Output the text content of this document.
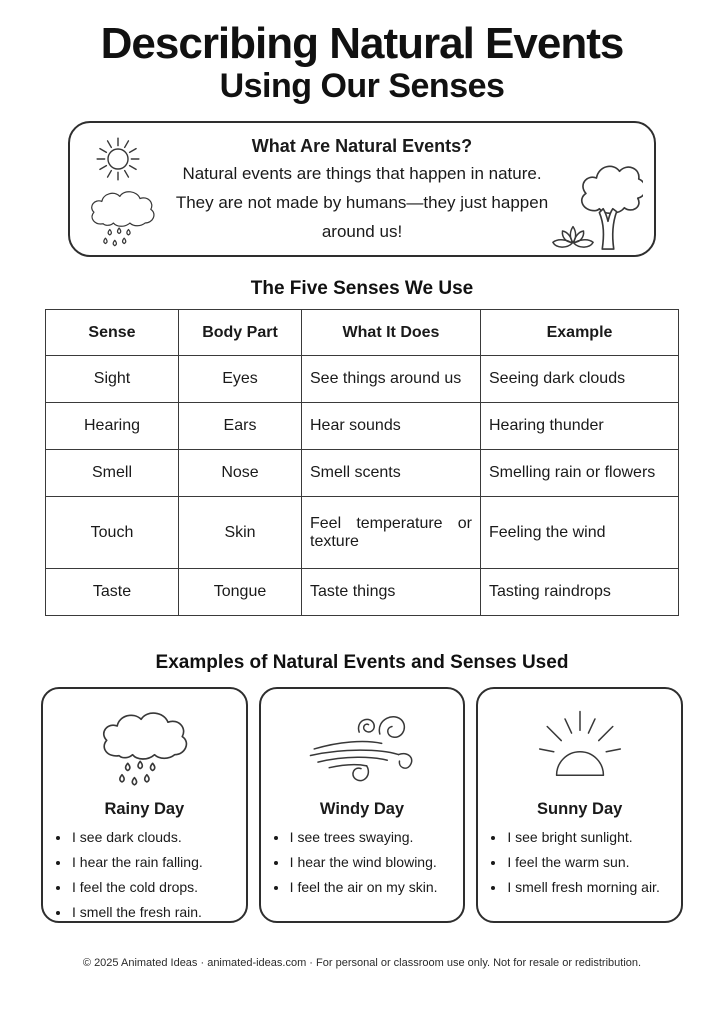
Describing Natural Events
Using Our Senses
What Are Natural Events?
Natural events are things that happen in nature.
They are not made by humans—they just happen
around us!
The Five Senses We Use
Sense	Body Part	What It Does	Example
Sight	Eyes	See things around us	Seeing dark clouds
Hearing	Ears	Hear sounds	Hearing thunder
Smell	Nose	Smell scents	Smelling rain or flowers
Touch	Skin	Feel temperature or texture	Feeling the wind
Taste	Tongue	Taste things	Tasting raindrops
Examples of Natural Events and Senses Used
Rainy Day
• I see dark clouds.
• I hear the rain falling.
• I feel the cold drops.
• I smell the fresh rain.
Windy Day
• I see trees swaying.
• I hear the wind blowing.
• I feel the air on my skin.
Sunny Day
• I see bright sunlight.
• I feel the warm sun.
• I smell fresh morning air.
© 2025 Animated Ideas · animated-ideas.com · For personal or classroom use only. Not for resale or redistribution.
